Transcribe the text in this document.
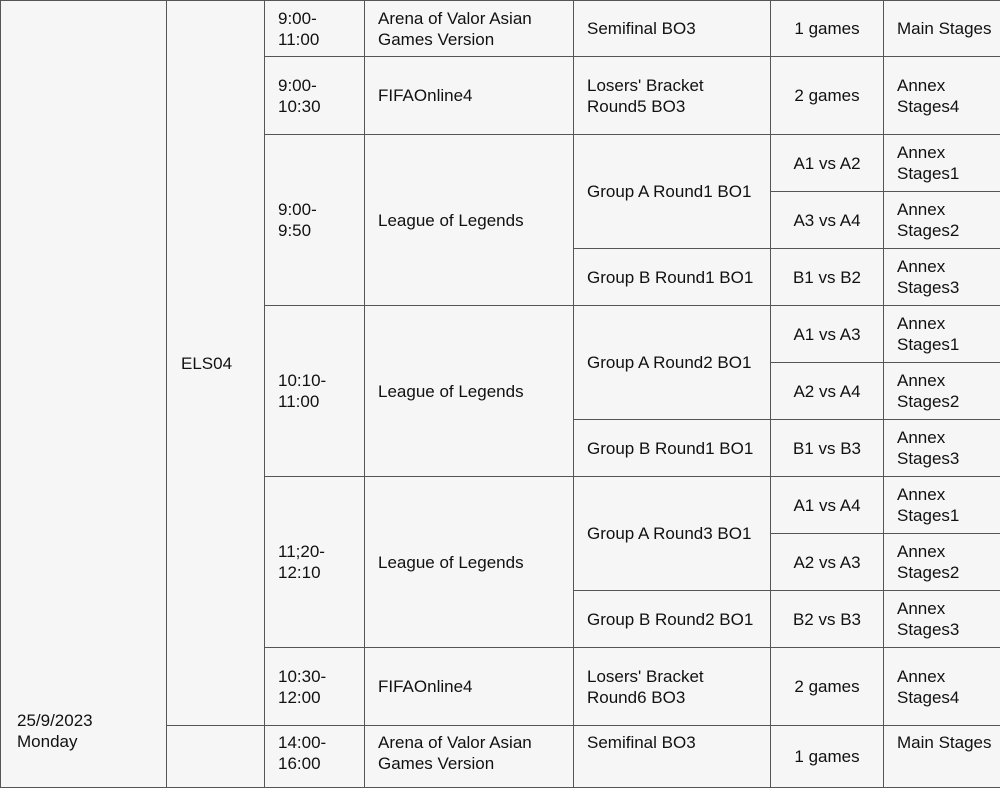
25/9/2023
Monday	ELS04	9:00- 11:00	Arena of Valor Asian Games Version	Semifinal BO3	1 games	Main Stages
		9:00- 10:30	FIFAOnline4	Losers' Bracket Round5 BO3	2 games	Annex Stages4
		9:00- 9:50	League of Legends	Group A Round1 BO1	A1 vs A2	Annex Stages1
					A3 vs A4	Annex Stages2
				Group B Round1 BO1	B1 vs B2	Annex Stages3
		10:10- 11:00	League of Legends	Group A Round2 BO1	A1 vs A3	Annex Stages1
					A2 vs A4	Annex Stages2
				Group B Round1 BO1	B1 vs B3	Annex Stages3
		11;20- 12:10	League of Legends	Group A Round3 BO1	A1 vs A4	Annex Stages1
					A2 vs A3	Annex Stages2
				Group B Round2 BO1	B2 vs B3	Annex Stages3
		10:30- 12:00	FIFAOnline4	Losers' Bracket Round6 BO3	2 games	Annex Stages4
		14:00- 16:00	Arena of Valor Asian Games Version	Semifinal BO3	1 games	Main Stages
